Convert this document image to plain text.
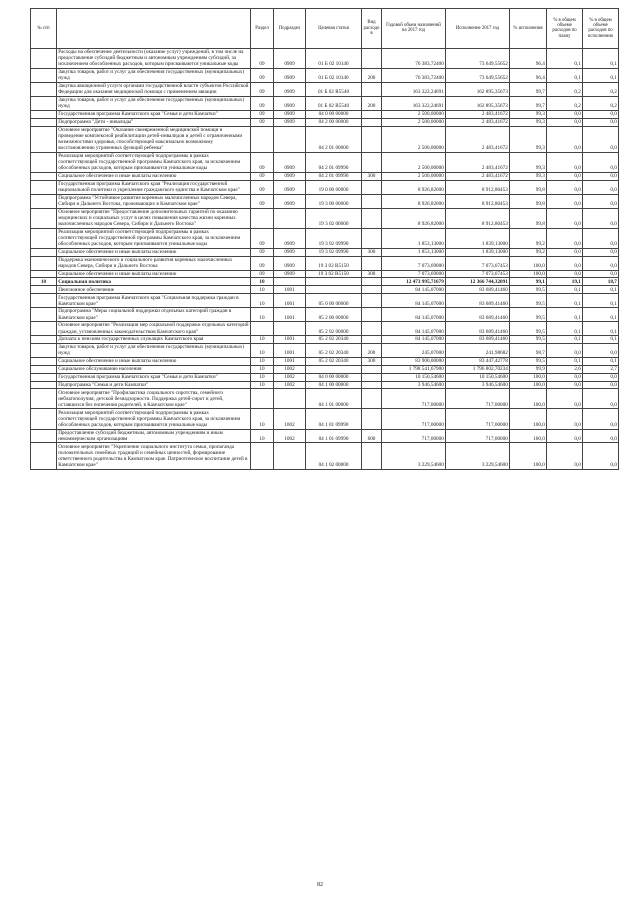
№ п/п		Раздел	Подраздел	Целевая статья	Вид расходов	Годовой объем назначений на 2017 год	Исполнение 2017 год	% исполнения	% в общем объеме расходов по плану	% в общем объеме расходов по исполнению
	Расходы на обеспечение деятельности (оказание услуг) учреждений, в том числе на предоставление субсидий бюджетным и автономным учреждениям субсидий, за исключением обособленных расходов, которым присваиваются уникальные коды	09	0909	01 Б 02 10140		76 383,72400	73 649,55652	96,4	0,1	0,1
	Закупка товаров, работ и услуг для обеспечения государственных (муниципальных) нужд	09	0909	01 Б 02 10140	200	76 383,72400	73 649,55652	96,4	0,1	0,1
	Закупка авиационной услуги органами государственной власти субъектов Российской Федерации для оказания медицинской помощи с применением авиации	09	0909	01 Б 02 R5540		163 322,24691	162 895,35673	99,7	0,2	0,2
	Закупка товаров, работ и услуг для обеспечения государственных (муниципальных) нужд	09	0909	01 Б 02 R5540	200	163 322,24691	162 895,35673	99,7	0,2	0,2
	Государственная программа Камчатского края "Семья и дети Камчатки"	09	0909	04 0 00 00000		2 500,00000	2 483,41672	99,3	0,0	0,0
	Подпрограмма "Дети - инвалиды"	09	0909	04 2 00 00000		2 500,00000	2 483,41672	99,3	0,0	0,0
	Основное мероприятие "Оказание своевременной медицинской помощи и проведение комплексной реабилитации детей-инвалидов и детей с ограниченными возможностями здоровья, способствующей максимально возможному восстановлению утраченных функций ребенка"			04 2 01 00000		2 500,00000	2 483,41672	99,3	0,0	0,0
	Реализация мероприятий соответствующей подпрограммы в рамках соответствующей государственной программы Камчатского края, за исключением обособленных расходов, которым присваиваются уникальные коды	09	0909	04 2 01 09990		2 500,00000	2 483,41672	99,3	0,0	0,0
	Социальное обеспечение и иные выплаты населению	09	0909	04 2 01 09990	300	2 500,00000	2 483,41672	99,3	0,0	0,0
	Государственная программа Камчатского края "Реализация государственной национальной политики и укрепление гражданского единства в Камчатском крае"	09	0909	19 0 00 00000		8 926,82000	8 912,80453	99,8	0,0	0,0
	Подпрограмма "Устойчивое развитие коренных малочисленных народов Севера, Сибири и Дальнего Востока, проживающих в Камчатском крае"	09	0909	19 3 00 00000		8 926,82000	8 912,80453	99,8	0,0	0,0
	Основное мероприятие "Предоставление дополнительных гарантий по оказанию медицинских и социальных услуг в целях повышения качества жизни коренных малочисленных народов Севера, Сибири и Дальнего Востока"			19 3 02 00000		8 926,82000	8 912,80453	99,8	0,0	0,0
	Реализация мероприятий соответствующей подпрограммы в рамках соответствующей государственной программы Камчатского края, за исключением обособленных расходов, которым присваиваются уникальные коды	09	0909	19 3 02 09990		1 853,13000	1 839,13000	99,2	0,0	0,0
	Социальное обеспечение и иные выплаты населению	09	0909	19 3 02 09990	300	1 853,13000	1 839,13000	99,2	0,0	0,0
	Поддержка экономического и социального развития коренных малочисленных народов Севера, Сибири и Дальнего Востока	09	0909	19 3 02 R5150		7 073,69000	7 073,67453	100,0	0,0	0,0
	Социальное обеспечение и иные выплаты населению	09	0909	19 3 02 R5150	300	7 073,69000	7 073,67453	100,0	0,0	0,0
10	Социальная политика	10				12 473 995,71679	12 366 744,32091	99,1	19,1	18,7
	Пенсионное обеспечение	10	1001			84 145,07000	83 689,41460	99,5	0,1	0,1
	Государственная программа Камчатского края "Социальная поддержка граждан в Камчатском крае"	10	1001	05 0 00 00000		84 145,07000	83 689,41460	99,5	0,1	0,1
	Подпрограмма "Меры социальной поддержки отдельных категорий граждан в Камчатском крае"	10	1001	05 2 00 00000		84 145,07000	83 689,41460	99,5	0,1	0,1
	Основное мероприятие "Реализация мер социальной поддержки отдельных категорий граждан, установленных законодательством Камчатского края"			05 2 02 00000		84 145,07000	83 689,41460	99,5	0,1	0,1
	Доплата к пенсиям государственных служащих Камчатского края	10	1001	05 2 02 20340		84 145,07000	83 689,41460	99,5	0,1	0,1
	Закупка товаров, работ и услуг для обеспечения государственных (муниципальных) нужд	10	1001	05 2 02 20340	200	245,07000	241,98682	98,7	0,0	0,0
	Социальное обеспечение и иные выплаты населению	10	1001	05 2 02 20340	300	83 900,00000	83 447,42778	99,5	0,1	0,1
	Социальное обслуживание населения	10	1002			1 798 541,67900	1 796 802,70234	99,9	2,6	2,7
	Государственная программа Камчатского края "Семья и дети Камчатки"	10	1002	04 0 00 00000		10 150,54600	10 150,54600	100,0	0,0	0,0
	Подпрограмма "Семья и дети Камчатки"	10	1002	04 1 00 00000		3 946,54600	3 946,54600	100,0	0,0	0,0
	Основное мероприятие "Профилактика социального сиротства, семейного неблагополучия, детской безнадзорности. Поддержка детей-сирот и детей, оставшихся без попечения родителей, в Камчатском крае"			04 1 01 00000		717,00000	717,00000	100,0	0,0	0,0
	Реализация мероприятий соответствующей подпрограммы в рамках соответствующей государственной программы Камчатского края, за исключением обособленных расходов, которым присваиваются уникальные коды	10	1002	04 1 01 09990		717,00000	717,00000	100,0	0,0	0,0
	Предоставление субсидий бюджетным, автономным учреждениям и иным некоммерческим организациям	10	1002	04 1 01 09990	600	717,00000	717,00000	100,0	0,0	0,0
	Основное мероприятие "Укрепление социального института семьи, пропаганда положительных семейных традиций и семейных ценностей, формирование ответственного родительства в Камчатском крае. Патриотическое воспитание детей в Камчатском крае"			04 1 02 00000		3 229,54600	3 229,54600	100,0	0,0	0,0
82
